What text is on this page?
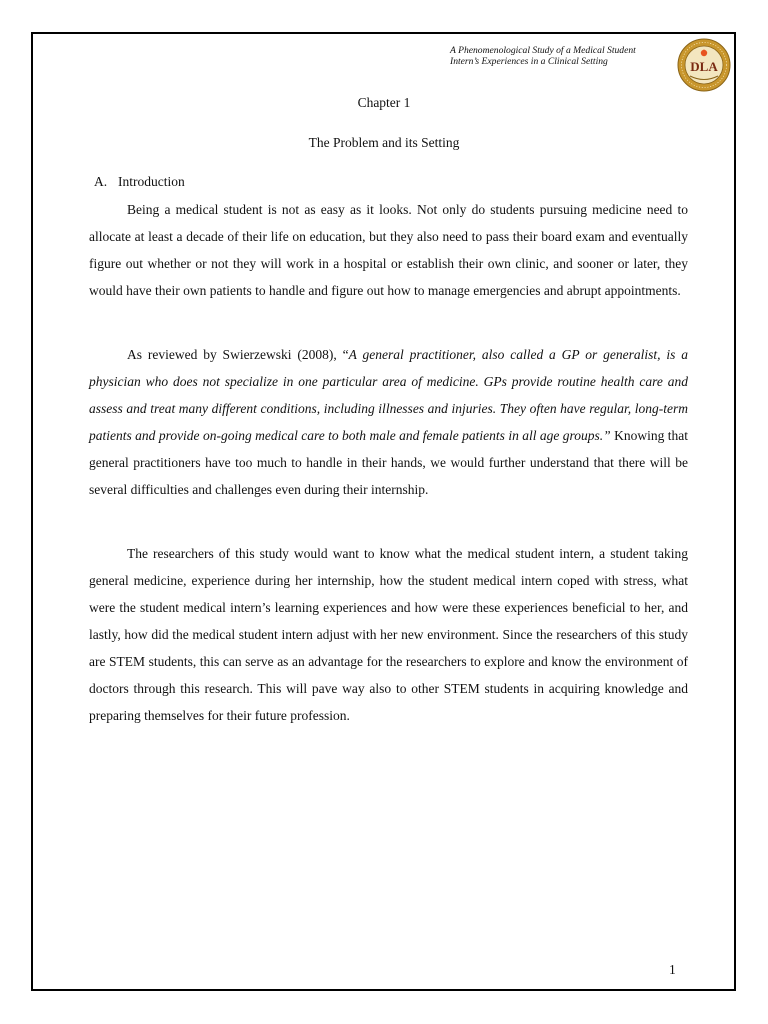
A Phenomenological Study of a Medical Student
Intern’s Experiences in a Clinical Setting	DLA
Chapter 1
The Problem and its Setting
A. Introduction

Being a medical student is not as easy as it looks. Not only do students pursuing medicine need to allocate at least a decade of their life on education, but they also need to pass their board exam and eventually figure out whether or not they will work in a hospital or establish their own clinic, and sooner or later, they would have their own patients to handle and figure out how to manage emergencies and abrupt appointments.

As reviewed by Swierzewski (2008), “A general practitioner, also called a GP or generalist, is a physician who does not specialize in one particular area of medicine. GPs provide routine health care and assess and treat many different conditions, including illnesses and injuries. They often have regular, long-term patients and provide on-going medical care to both male and female patients in all age groups.” Knowing that general practitioners have too much to handle in their hands, we would further understand that there will be several difficulties and challenges even during their internship.

The researchers of this study would want to know what the medical student intern, a student taking general medicine, experience during her internship, how the student medical intern coped with stress, what were the student medical intern’s learning experiences and how were these experiences beneficial to her, and lastly, how did the medical student intern adjust with her new environment. Since the researchers of this study are STEM students, this can serve as an advantage for the researchers to explore and know the environment of doctors through this research. This will pave way also to other STEM students in acquiring knowledge and preparing themselves for their future profession.

1
